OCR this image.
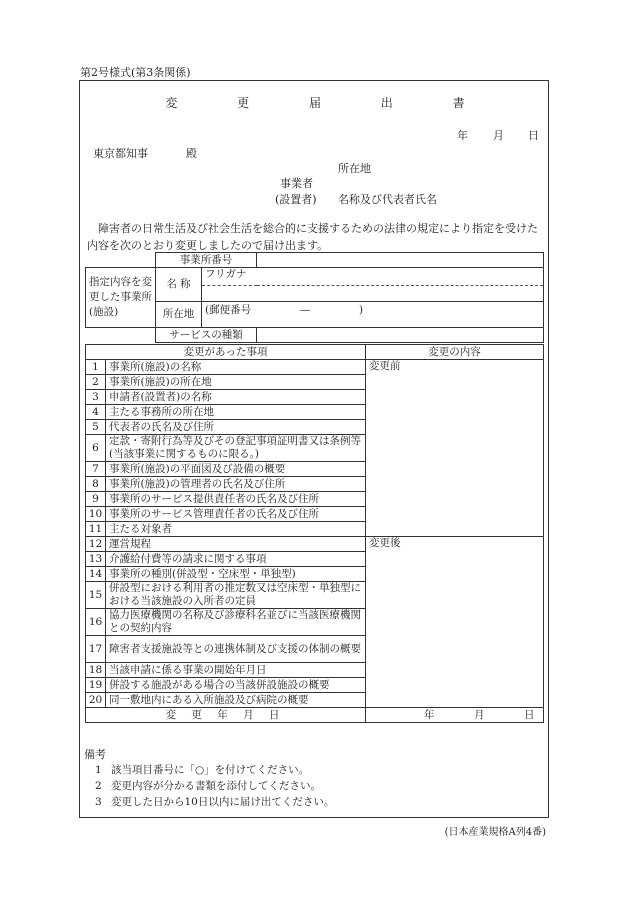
第2号様式(第3条関係)
変 更 届 出 書
年 月 日
東京都知事	殿
所在地
事業者
(設置者) 名称及び代表者氏名
障害者の日常生活及び社会生活を総合的に支援するための法律の規定により指定を受けた内容を次のとおり変更しましたので届け出ます。
	事業所番号		
指定内容を変更した事業所(施設)	名 称	フリガナ	

	所在地	(郵便番号 — )	
	サービスの種類		
変更があった事項		変更の内容
1	事業所(施設)の名称	変更前
2	事業所(施設)の所在地	
3	申請者(設置者)の名称	
4	主たる事務所の所在地	
5	代表者の氏名及び住所	
6	定款・寄附行為等及びその登記事項証明書又は条例等(当該事業に関するものに限る。)	
7	事業所(施設)の平面図及び設備の概要	
8	事業所(施設)の管理者の氏名及び住所	
9	事業所のサービス提供責任者の氏名及び住所	
10	事業所のサービス管理責任者の氏名及び住所	
11	主たる対象者	
12	運営規程	変更後
13	介護給付費等の請求に関する事項	
14	事業所の種別(併設型・空床型・単独型)	
15	併設型における利用者の推定数又は空床型・単独型における当該施設の入所者の定員	
16	協力医療機関の名称及び診療科名並びに当該医療機関との契約内容	
17	障害者支援施設等との連携体制及び支援の体制の概要	
18	当該申請に係る事業の開始年月日	
19	併設する施設がある場合の当該併設施設の概要	
20	同一敷地内にある入所施設及び病院の概要	
変 更 年 月 日		年 月 日
備考
1 該当項目番号に「○」を付けてください。
2 変更内容が分かる書類を添付してください。
3 変更した日から10日以内に届け出てください。
(日本産業規格A列4番)
